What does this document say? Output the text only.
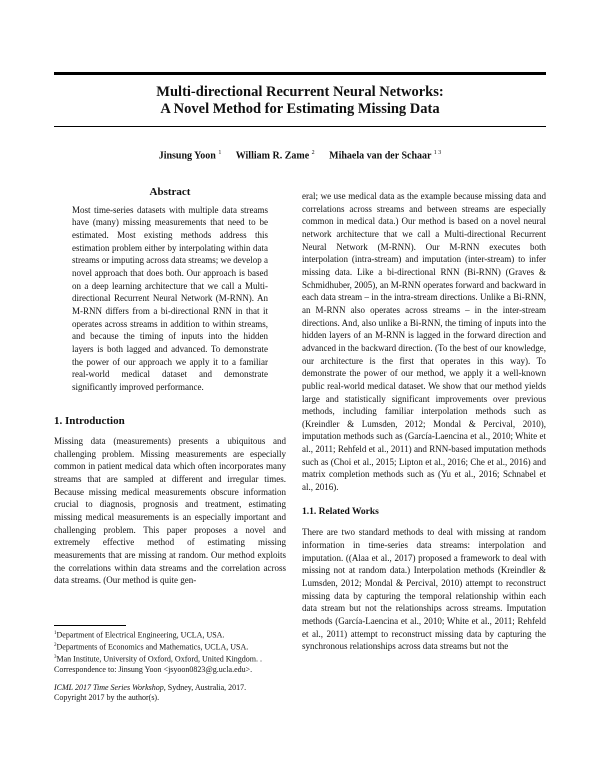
Multi-directional Recurrent Neural Networks:
A Novel Method for Estimating Missing Data
Jinsung Yoon $^1$ William R. Zame $^2$ Mihaela van der Schaar $^{1 3}$
Abstract

Most time-series datasets with multiple data streams have (many) missing measurements that need to be estimated. Most existing methods address this estimation problem either by interpolating within data streams or imputing across data streams; we develop a novel approach that does both. Our approach is based on a deep learning architecture that we call a Multi-directional Recurrent Neural Network (M-RNN). An M-RNN differs from a bi-directional RNN in that it operates across streams in addition to within streams, and because the timing of inputs into the hidden layers is both lagged and advanced. To demonstrate the power of our approach we apply it to a familiar real-world medical dataset and demonstrate significantly improved performance.

1. Introduction

Missing data (measurements) presents a ubiquitous and challenging problem. Missing measurements are especially common in patient medical data which often incorporates many streams that are sampled at different and irregular times. Because missing medical measurements obscure information crucial to diagnosis, prognosis and treatment, estimating missing medical measurements is an especially important and challenging problem. This paper proposes a novel and extremely effective method of estimating missing measurements that are missing at random. Our method exploits the correlations within data streams and the correlation across data streams. (Our method is quite gen-

eral; we use medical data as the example because missing data and correlations across streams and between streams are especially common in medical data.) Our method is based on a novel neural network architecture that we call a Multi-directional Recurrent Neural Network (M-RNN). Our M-RNN executes both interpolation (intra-stream) and imputation (inter-stream) to infer missing data. Like a bi-directional RNN (Bi-RNN) (Graves & Schmidhuber, 2005), an M-RNN operates forward and backward in each data stream – in the intra-stream directions. Unlike a Bi-RNN, an M-RNN also operates across streams – in the inter-stream directions. And, also unlike a Bi-RNN, the timing of inputs into the hidden layers of an M-RNN is lagged in the forward direction and advanced in the backward direction. (To the best of our knowledge, our architecture is the first that operates in this way). To demonstrate the power of our method, we apply it a well-known public real-world medical dataset. We show that our method yields large and statistically significant improvements over previous methods, including familiar interpolation methods such as (Kreindler & Lumsden, 2012; Mondal & Percival, 2010), imputation methods such as (García-Laencina et al., 2010; White et al., 2011; Rehfeld et al., 2011) and RNN-based imputation methods such as (Choi et al., 2015; Lipton et al., 2016; Che et al., 2016) and matrix completion methods such as (Yu et al., 2016; Schnabel et al., 2016).

1.1. Related Works

There are two standard methods to deal with missing at random information in time-series data streams: interpolation and imputation. ((Alaa et al., 2017) proposed a framework to deal with missing not at random data.) Interpolation methods (Kreindler & Lumsden, 2012; Mondal & Percival, 2010) attempt to reconstruct missing data by capturing the temporal relationship within each data stream but not the relationships across streams. Imputation methods (García-Laencina et al., 2010; White et al., 2011; Rehfeld et al., 2011) attempt to reconstruct missing data by capturing the synchronous relationships across data streams but not the

$^1$Department of Electrical Engineering, UCLA, USA.
$^2$Departments of Economics and Mathematics, UCLA, USA.
$^3$Man Institute, University of Oxford, Oxford, United Kingdom. .
Correspondence to: Jinsung Yoon <jsyoon0823@g.ucla.edu>.
ICML 2017 Time Series Workshop, Sydney, Australia, 2017.
Copyright 2017 by the author(s).
